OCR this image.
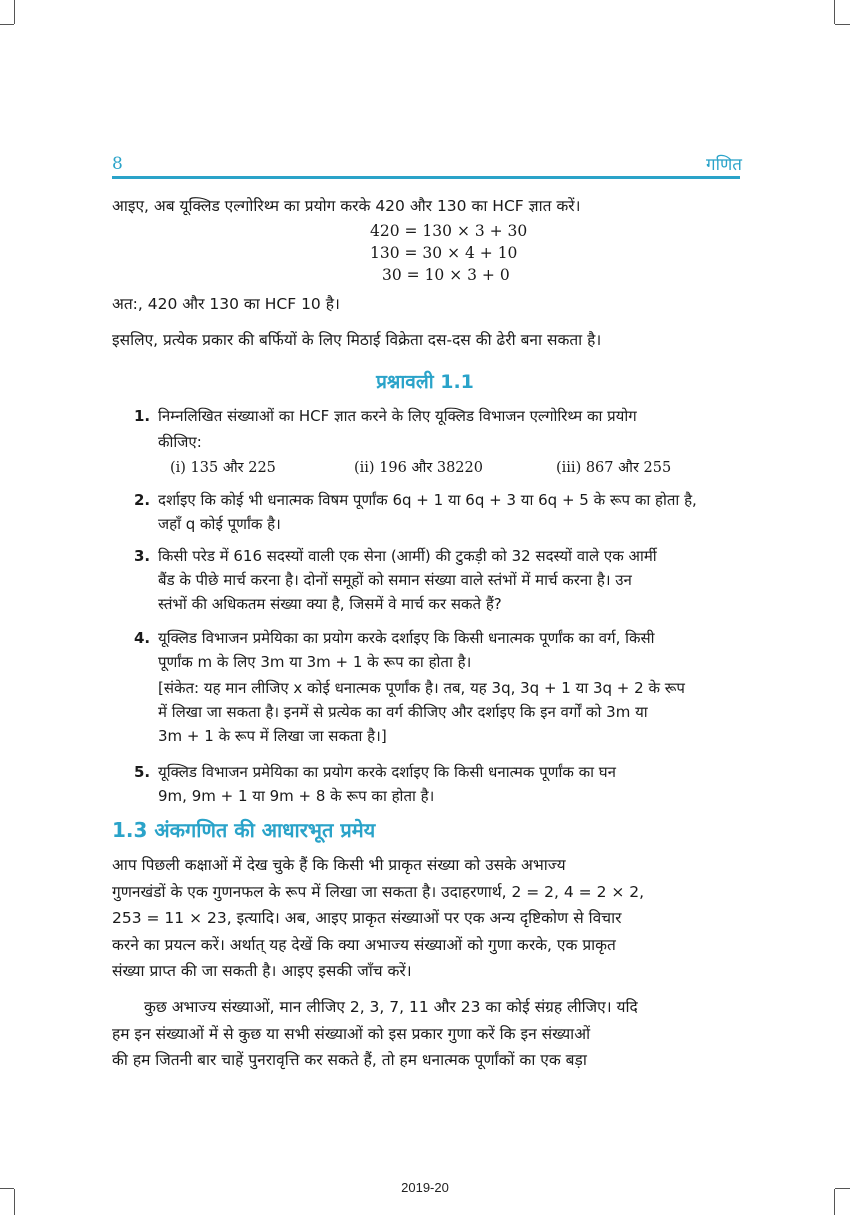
8	गणित
आइए, अब यूक्लिड एल्गोरिथ्म का प्रयोग करके 420 और 130 का HCF ज्ञात करें।
420 = 130 × 3 + 30
130 = 30 × 4 + 10
30 = 10 × 3 + 0
अत:, 420 और 130 का HCF 10 है।
इसलिए, प्रत्येक प्रकार की बर्फियों के लिए मिठाई विक्रेता दस-दस की ढेरी बना सकता है।
प्रश्नावली 1.1
1. निम्नलिखित संख्याओं का HCF ज्ञात करने के लिए यूक्लिड विभाजन एल्गोरिथ्म का प्रयोग
कीजिए:
(i) 135 और 225	(ii) 196 और 38220	(iii) 867 और 255
2. दर्शाइए कि कोई भी धनात्मक विषम पूर्णांक 6q + 1 या 6q + 3 या 6q + 5 के रूप का होता है,
जहाँ q कोई पूर्णांक है।
3. किसी परेड में 616 सदस्यों वाली एक सेना (आर्मी) की टुकड़ी को 32 सदस्यों वाले एक आर्मी
बैंड के पीछे मार्च करना है। दोनों समूहों को समान संख्या वाले स्तंभों में मार्च करना है। उन
स्तंभों की अधिकतम संख्या क्या है, जिसमें वे मार्च कर सकते हैं?
4. यूक्लिड विभाजन प्रमेयिका का प्रयोग करके दर्शाइए कि किसी धनात्मक पूर्णांक का वर्ग, किसी
पूर्णांक m के लिए 3m या 3m + 1 के रूप का होता है।
[संकेत: यह मान लीजिए x कोई धनात्मक पूर्णांक है। तब, यह 3q, 3q + 1 या 3q + 2 के रूप
में लिखा जा सकता है। इनमें से प्रत्येक का वर्ग कीजिए और दर्शाइए कि इन वर्गों को 3m या
3m + 1 के रूप में लिखा जा सकता है।]
5. यूक्लिड विभाजन प्रमेयिका का प्रयोग करके दर्शाइए कि किसी धनात्मक पूर्णांक का घन
9m, 9m + 1 या 9m + 8 के रूप का होता है।
1.3 अंकगणित की आधारभूत प्रमेय
आप पिछली कक्षाओं में देख चुके हैं कि किसी भी प्राकृत संख्या को उसके अभाज्य
गुणनखंडों के एक गुणनफल के रूप में लिखा जा सकता है। उदाहरणार्थ, 2 = 2, 4 = 2 × 2,
253 = 11 × 23, इत्यादि। अब, आइए प्राकृत संख्याओं पर एक अन्य दृष्टिकोण से विचार
करने का प्रयत्न करें। अर्थात् यह देखें कि क्या अभाज्य संख्याओं को गुणा करके, एक प्राकृत
संख्या प्राप्त की जा सकती है। आइए इसकी जाँच करें।
कुछ अभाज्य संख्याओं, मान लीजिए 2, 3, 7, 11 और 23 का कोई संग्रह लीजिए। यदि
हम इन संख्याओं में से कुछ या सभी संख्याओं को इस प्रकार गुणा करें कि इन संख्याओं
की हम जितनी बार चाहें पुनरावृत्ति कर सकते हैं, तो हम धनात्मक पूर्णांकों का एक बड़ा
2019-20
